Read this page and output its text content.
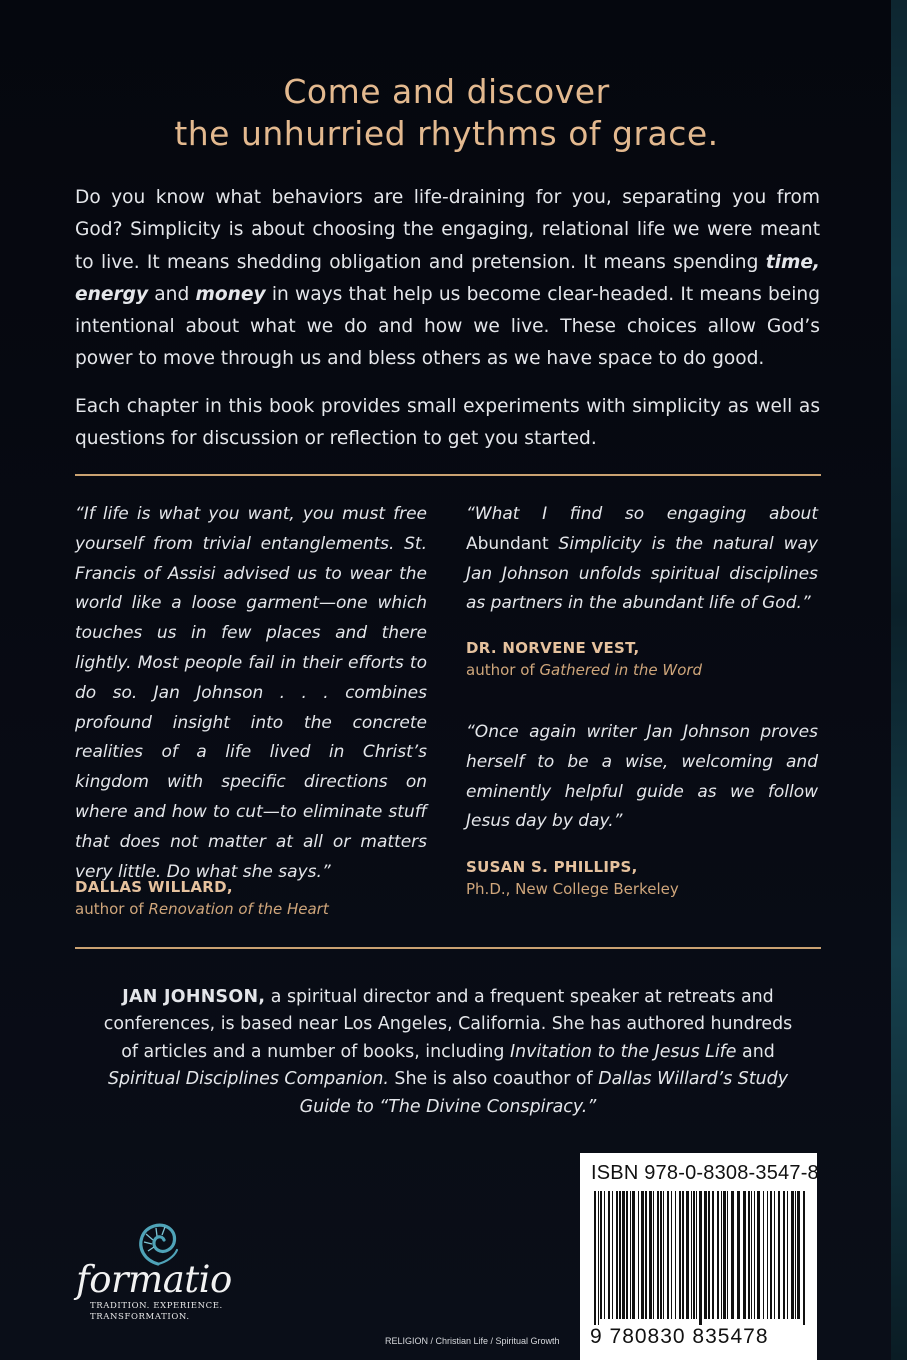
Come and discover
the unhurried rhythms of grace.

Do you know what behaviors are life-draining for you, separating you from God? Simplicity is about choosing the engaging, relational life we were meant to live. It means shedding obligation and pretension. It means spending time, energy and money in ways that help us become clear-headed. It means being intentional about what we do and how we live. These choices allow God’s power to move through us and bless others as we have space to do good.

Each chapter in this book provides small experiments with simplicity as well as questions for discussion or reflection to get you started.

“If life is what you want, you must free yourself from trivial entanglements. St. Francis of Assisi advised us to wear the world like a loose garment—one which touches us in few places and there lightly. Most people fail in their efforts to do so. Jan Johnson . . . combines profound insight into the concrete realities of a life lived in Christ’s kingdom with specific directions on where and how to cut—to eliminate stuff that does not matter at all or matters very little. Do what she says.”

DALLAS WILLARD,
author of Renovation of the Heart

“What I find so engaging about Abundant Simplicity is the natural way Jan Johnson unfolds spiritual disciplines as partners in the abundant life of God.”

DR. NORVENE VEST,
author of Gathered in the Word

“Once again writer Jan Johnson proves herself to be a wise, welcoming and eminently helpful guide as we follow Jesus day by day.”

SUSAN S. PHILLIPS,
Ph.D., New College Berkeley

JAN JOHNSON, a spiritual director and a frequent speaker at retreats and conferences, is based near Los Angeles, California. She has authored hundreds of articles and a number of books, including Invitation to the Jesus Life and Spiritual Disciplines Companion. She is also coauthor of Dallas Willard’s Study Guide to “The Divine Conspiracy.”

formatio
TRADITION. EXPERIENCE.
TRANSFORMATION.
RELIGION / Christian Life / Spiritual Growth
ISBN 978-0-8308-3547-8
9 780830 835478
